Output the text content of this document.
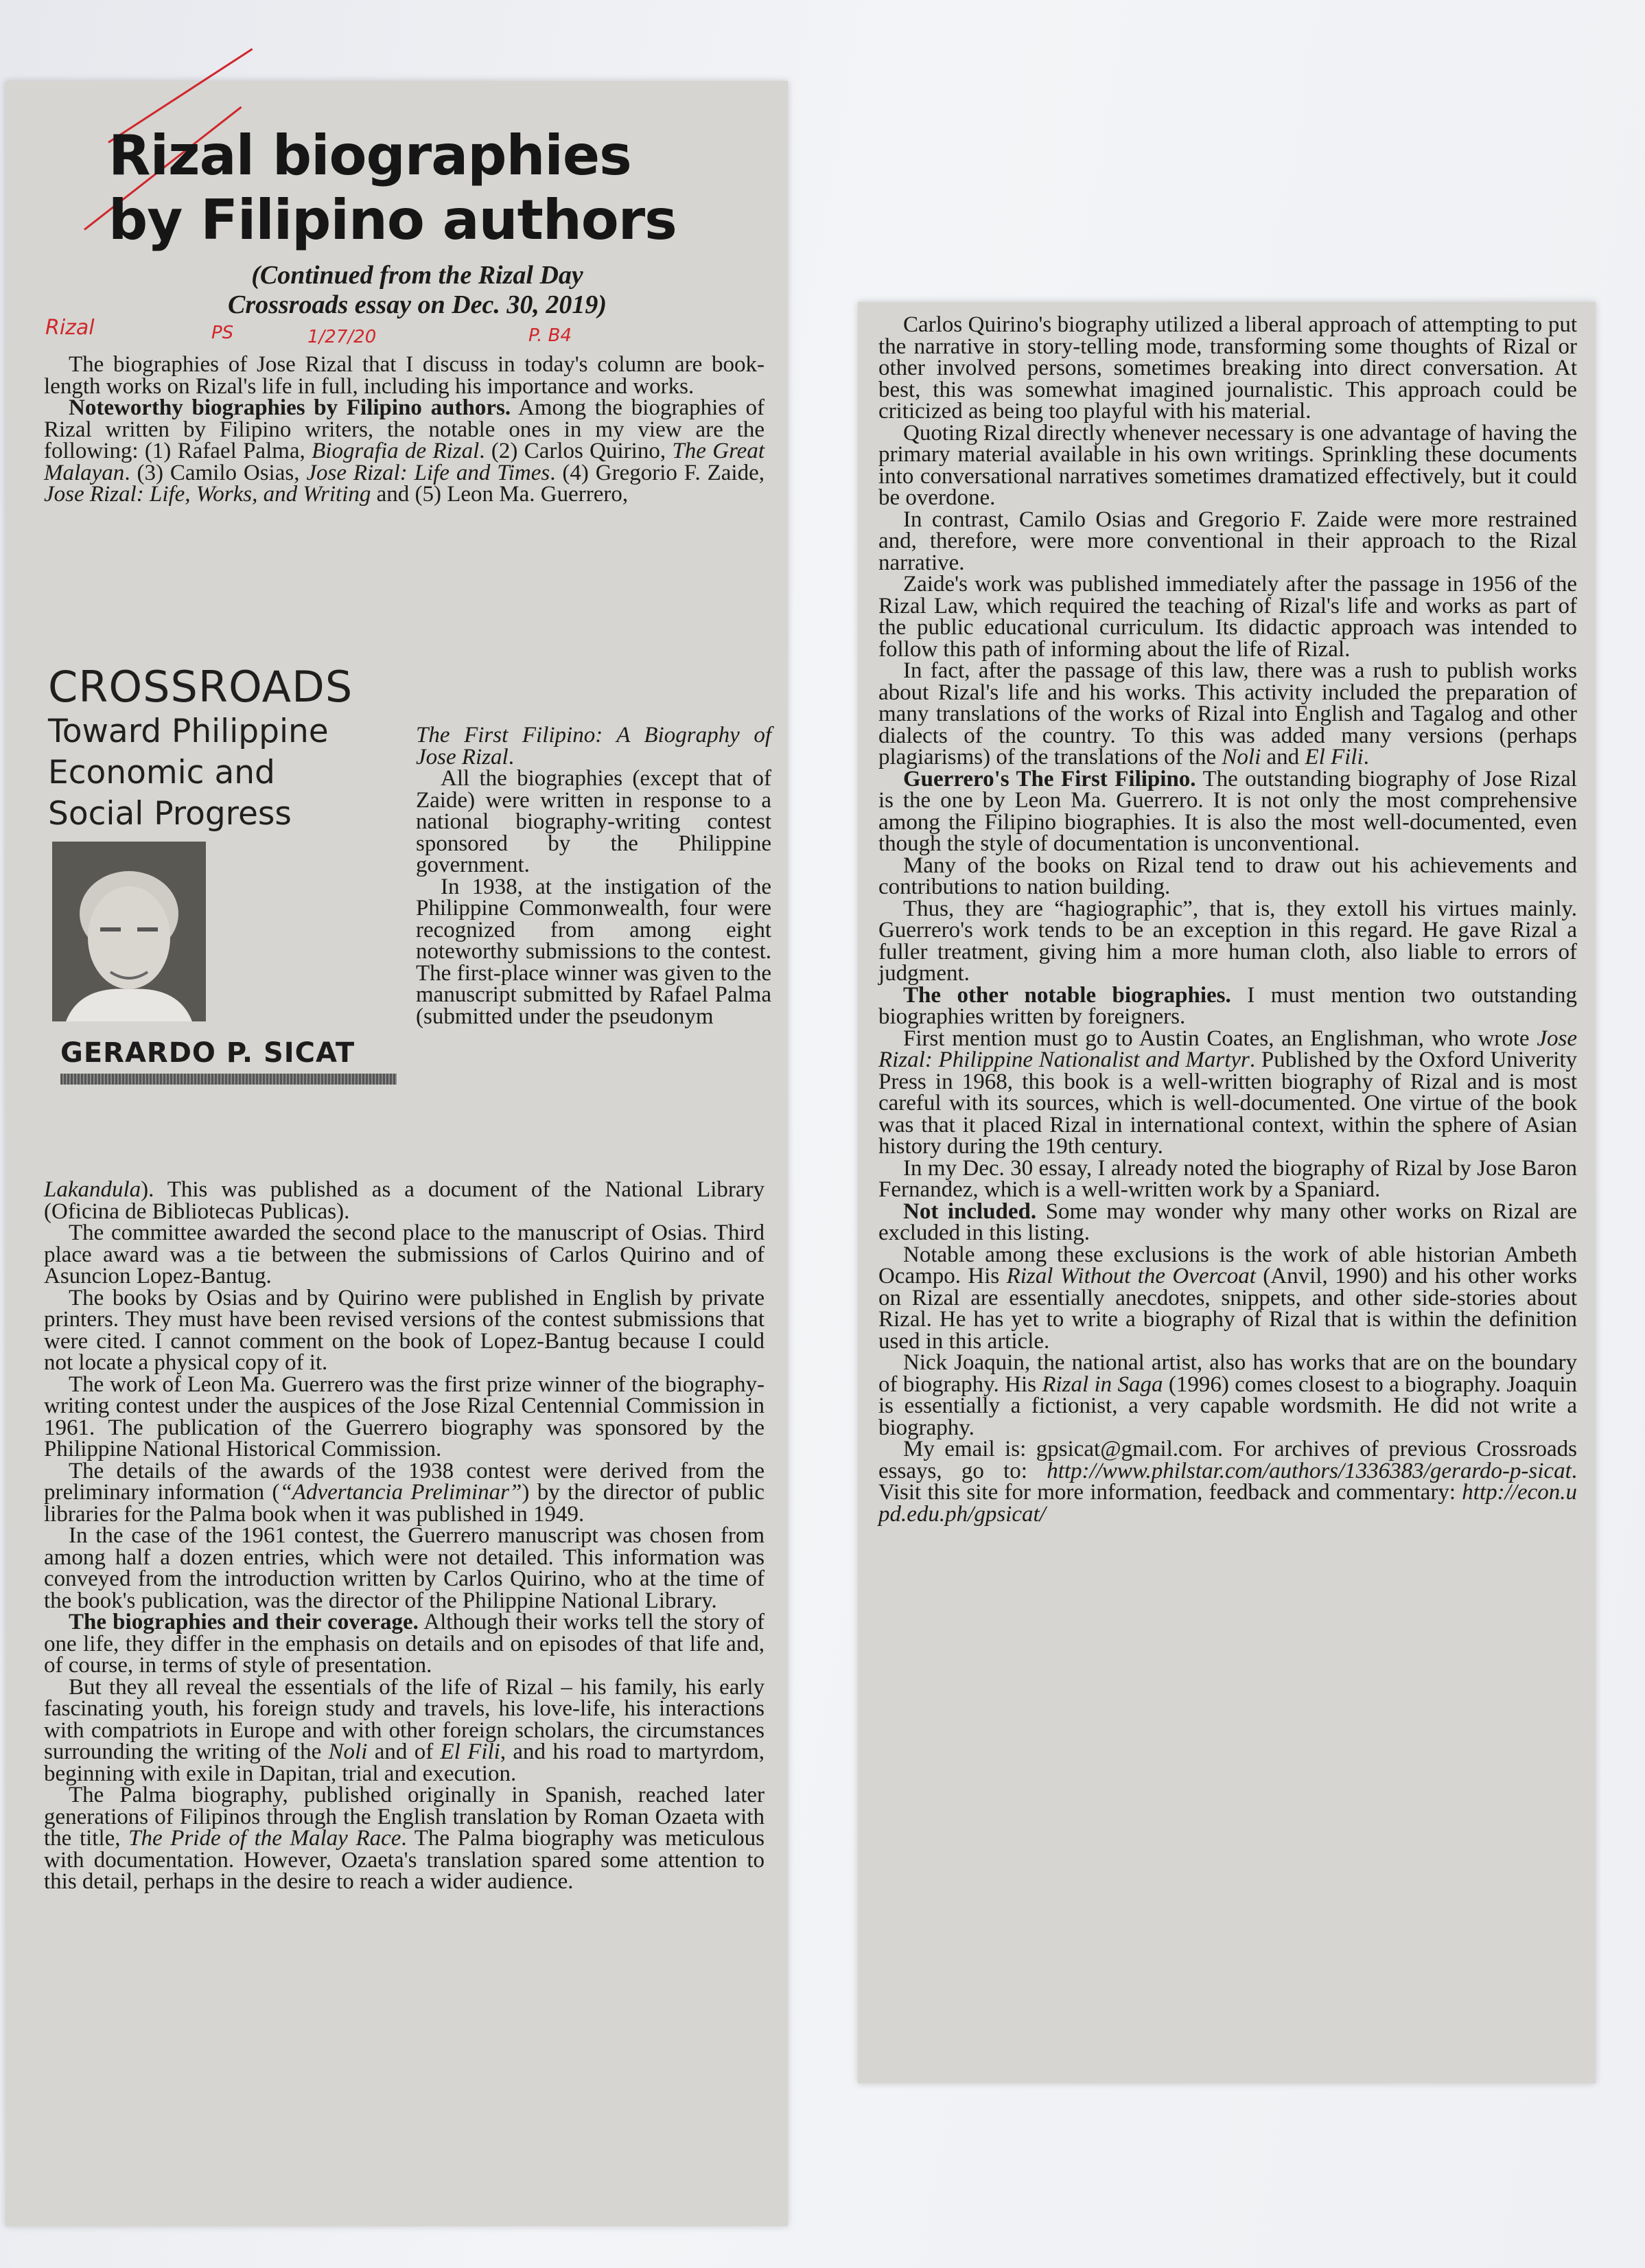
Rizal biographies
by Filipino authors
(Continued from the Rizal Day
Crossroads essay on Dec. 30, 2019)
Rizal	PS	1/27/20	P. B4

The biographies of Jose Rizal that I discuss in today's column are book-length works on Rizal's life in full, including his importance and works.

Noteworthy biographies by Filipino authors. Among the biographies of Rizal written by Filipino writers, the notable ones in my view are the following: (1) Rafael Palma, Biografia de Rizal. (2) Carlos Quirino, The Great Malayan. (3) Camilo Osias, Jose Rizal: Life and Times. (4) Gregorio F. Zaide, Jose Rizal: Life, Works, and Writing and (5) Leon Ma. Guerrero,

CROSSROADS
Toward Philippine
Economic and
Social Progress
GERARDO P. SICAT

The First Filipino: A Biography of Jose Rizal.

All the biographies (except that of Zaide) were written in response to a national biography-writing contest sponsored by the Philippine government.

In 1938, at the instigation of the Philippine Commonwealth, four were recognized from among eight noteworthy submissions to the contest. The first-place winner was given to the manuscript submitted by Rafael Palma (submitted under the pseudonym

Lakandula). This was published as a document of the National Library (Oficina de Bibliotecas Publicas).

The committee awarded the second place to the manuscript of Osias. Third place award was a tie between the submissions of Carlos Quirino and of Asuncion Lopez-Bantug.

The books by Osias and by Quirino were published in English by private printers. They must have been revised versions of the contest submissions that were cited. I cannot comment on the book of Lopez-Bantug because I could not locate a physical copy of it.

The work of Leon Ma. Guerrero was the first prize winner of the biography-writing contest under the auspices of the Jose Rizal Centennial Commission in 1961. The publication of the Guerrero biography was sponsored by the Philippine National Historical Commission.

The details of the awards of the 1938 contest were derived from the preliminary information (“Advertancia Preliminar”) by the director of public libraries for the Palma book when it was published in 1949.

In the case of the 1961 contest, the Guerrero manuscript was chosen from among half a dozen entries, which were not detailed. This information was conveyed from the introduction written by Carlos Quirino, who at the time of the book's publication, was the director of the Philippine National Library.

The biographies and their coverage. Although their works tell the story of one life, they differ in the emphasis on details and on episodes of that life and, of course, in terms of style of presentation.

But they all reveal the essentials of the life of Rizal – his family, his early fascinating youth, his foreign study and travels, his love-life, his interactions with compatriots in Europe and with other foreign scholars, the circumstances surrounding the writing of the Noli and of El Fili, and his road to martyrdom, beginning with exile in Dapitan, trial and execution.

The Palma biography, published originally in Spanish, reached later generations of Filipinos through the English translation by Roman Ozaeta with the title, The Pride of the Malay Race. The Palma biography was meticulous with documentation. However, Ozaeta's translation spared some attention to this detail, perhaps in the desire to reach a wider audience.

Carlos Quirino's biography utilized a liberal approach of attempting to put the narrative in story-telling mode, transforming some thoughts of Rizal or other involved persons, sometimes breaking into direct conversation. At best, this was somewhat imagined journalistic. This approach could be criticized as being too playful with his material.

Quoting Rizal directly whenever necessary is one advantage of having the primary material available in his own writings. Sprinkling these documents into conversational narratives sometimes dramatized effectively, but it could be overdone.

In contrast, Camilo Osias and Gregorio F. Zaide were more restrained and, therefore, were more conventional in their approach to the Rizal narrative.

Zaide's work was published immediately after the passage in 1956 of the Rizal Law, which required the teaching of Rizal's life and works as part of the public educational curriculum. Its didactic approach was intended to follow this path of informing about the life of Rizal.

In fact, after the passage of this law, there was a rush to publish works about Rizal's life and his works. This activity included the preparation of many translations of the works of Rizal into English and Tagalog and other dialects of the country. To this was added many versions (perhaps plagiarisms) of the translations of the Noli and El Fili.

Guerrero's The First Filipino. The outstanding biography of Jose Rizal is the one by Leon Ma. Guerrero. It is not only the most comprehensive among the Filipino biographies. It is also the most well-documented, even though the style of documentation is unconventional.

Many of the books on Rizal tend to draw out his achievements and contributions to nation building.

Thus, they are “hagiographic”, that is, they extoll his virtues mainly. Guerrero's work tends to be an exception in this regard. He gave Rizal a fuller treatment, giving him a more human cloth, also liable to errors of judgment.

The other notable biographies. I must mention two outstanding biographies written by foreigners.

First mention must go to Austin Coates, an Englishman, who wrote Jose Rizal: Philippine Nationalist and Martyr. Published by the Oxford Univerity Press in 1968, this book is a well-written biography of Rizal and is most careful with its sources, which is well-documented. One virtue of the book was that it placed Rizal in international context, within the sphere of Asian history during the 19th century.

In my Dec. 30 essay, I already noted the biography of Rizal by Jose Baron Fernandez, which is a well-written work by a Spaniard.

Not included. Some may wonder why many other works on Rizal are excluded in this listing.

Notable among these exclusions is the work of able historian Ambeth Ocampo. His Rizal Without the Overcoat (Anvil, 1990) and his other works on Rizal are essentially anecdotes, snippets, and other side-stories about Rizal. He has yet to write a biography of Rizal that is within the definition used in this article.

Nick Joaquin, the national artist, also has works that are on the boundary of biography. His Rizal in Saga (1996) comes closest to a biography. Joaquin is essentially a fictionist, a very capable wordsmith. He did not write a biography.

My email is: gpsicat@gmail.com. For archives of previous Crossroads essays, go to: http://www.philstar.com/authors/1336383/gerardo-p-sicat. Visit this site for more information, feedback and commentary: http://econ.upd.edu.ph/gpsicat/
